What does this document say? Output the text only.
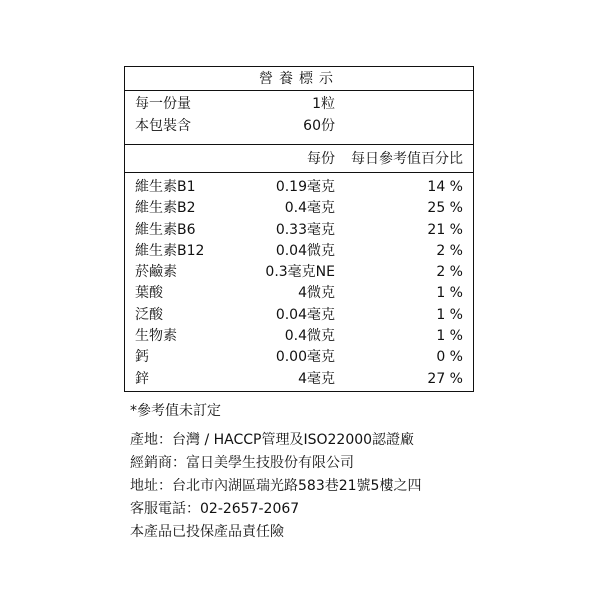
營養標示
每一份量	1粒
本包裝含	60份
每份 每日參考值百分比
維生素B1	0.19毫克	14 %
維生素B2	0.4毫克	25 %
維生素B6	0.33毫克	21 %
維生素B12	0.04微克	2 %
菸鹼素	0.3毫克NE	2 %
葉酸	4微克	1 %
泛酸	0.04毫克	1 %
生物素	0.4微克	1 %
鈣	0.00毫克	0 %
鋅	4毫克	27 %
*參考值未訂定
產地：台灣 / HACCP管理及ISO22000認證廠
經銷商：富日美學生技股份有限公司
地址：台北市內湖區瑞光路583巷21號5樓之四
客服電話：02-2657-2067
本產品已投保產品責任險
